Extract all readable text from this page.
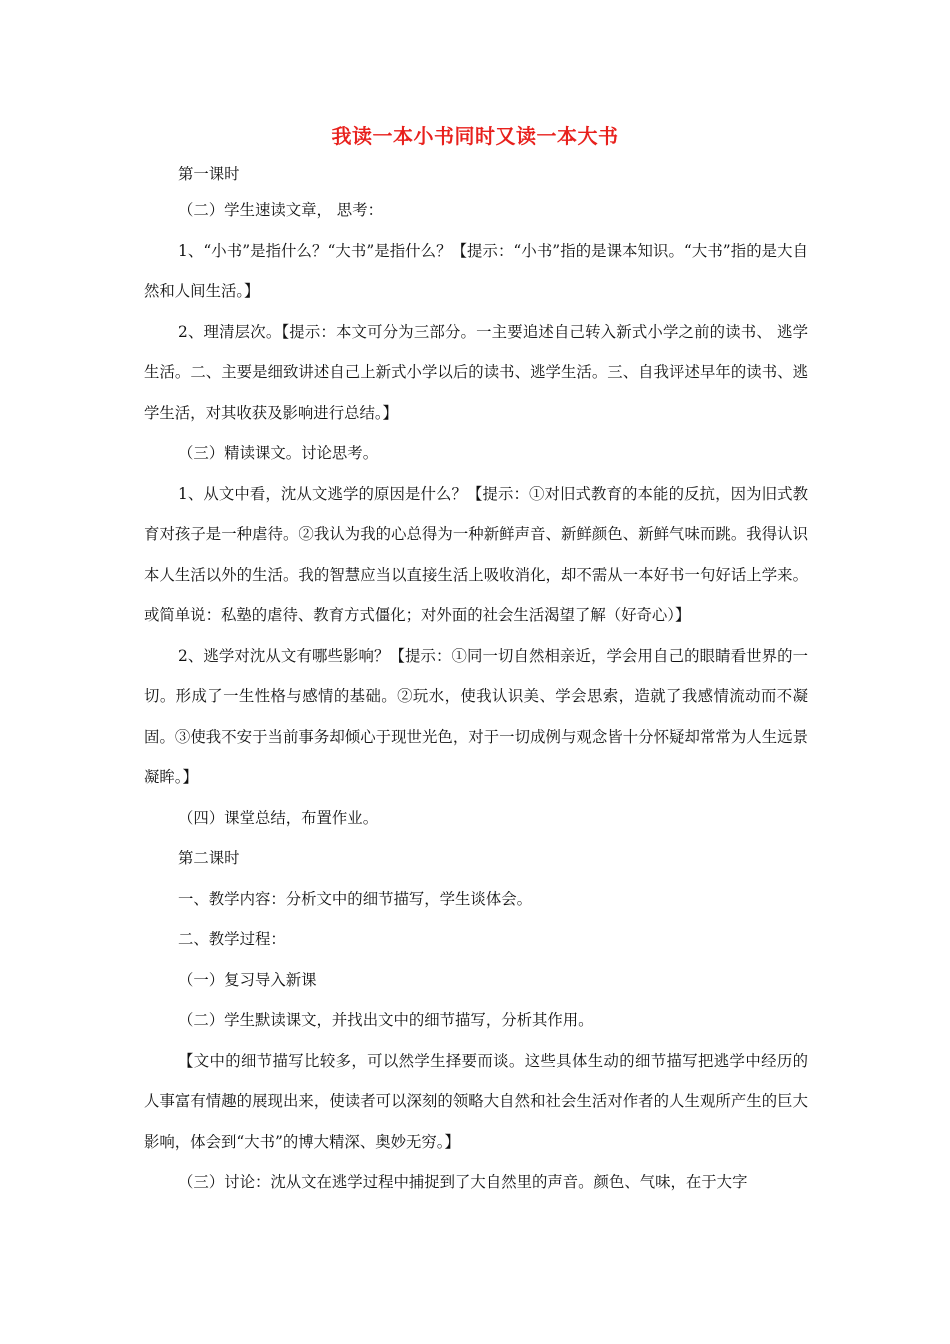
我读一本小书同时又读一本大书

第一课时

（二）学生速读文章， 思考：

1、“小书”是指什么？“大书”是指什么？【提示：“小书”指的是课本知识。“大书”指的是大自然和人间生活。】

2、理清层次。【提示：本文可分为三部分。一主要追述自己转入新式小学之前的读书、 逃学生活。二、主要是细致讲述自己上新式小学以后的读书、逃学生活。三、自我评述早年的读书、逃学生活，对其收获及影响进行总结。】

（三）精读课文。讨论思考。

1、从文中看，沈从文逃学的原因是什么？【提示：①对旧式教育的本能的反抗，因为旧式教育对孩子是一种虐待。②我认为我的心总得为一种新鲜声音、新鲜颜色、新鲜气味而跳。我得认识本人生活以外的生活。我的智慧应当以直接生活上吸收消化，却不需从一本好书一句好话上学来。 或简单说：私塾的虐待、教育方式僵化；对外面的社会生活渴望了解（好奇心）】

2、逃学对沈从文有哪些影响？【提示：①同一切自然相亲近，学会用自己的眼睛看世界的一切。形成了一生性格与感情的基础。②玩水，使我认识美、学会思索，造就了我感情流动而不凝固。③使我不安于当前事务却倾心于现世光色，对于一切成例与观念皆十分怀疑却常常为人生远景凝眸。】

（四）课堂总结，布置作业。

第二课时

一、教学内容：分析文中的细节描写，学生谈体会。

二、教学过程：

（一）复习导入新课

（二）学生默读课文，并找出文中的细节描写，分析其作用。

【文中的细节描写比较多，可以然学生择要而谈。这些具体生动的细节描写把逃学中经历的人事富有情趣的展现出来，使读者可以深刻的领略大自然和社会生活对作者的人生观所产生的巨大影响，体会到“大书”的博大精深、奥妙无穷。】

（三）讨论：沈从文在逃学过程中捕捉到了大自然里的声音。颜色、气味，在于大字
